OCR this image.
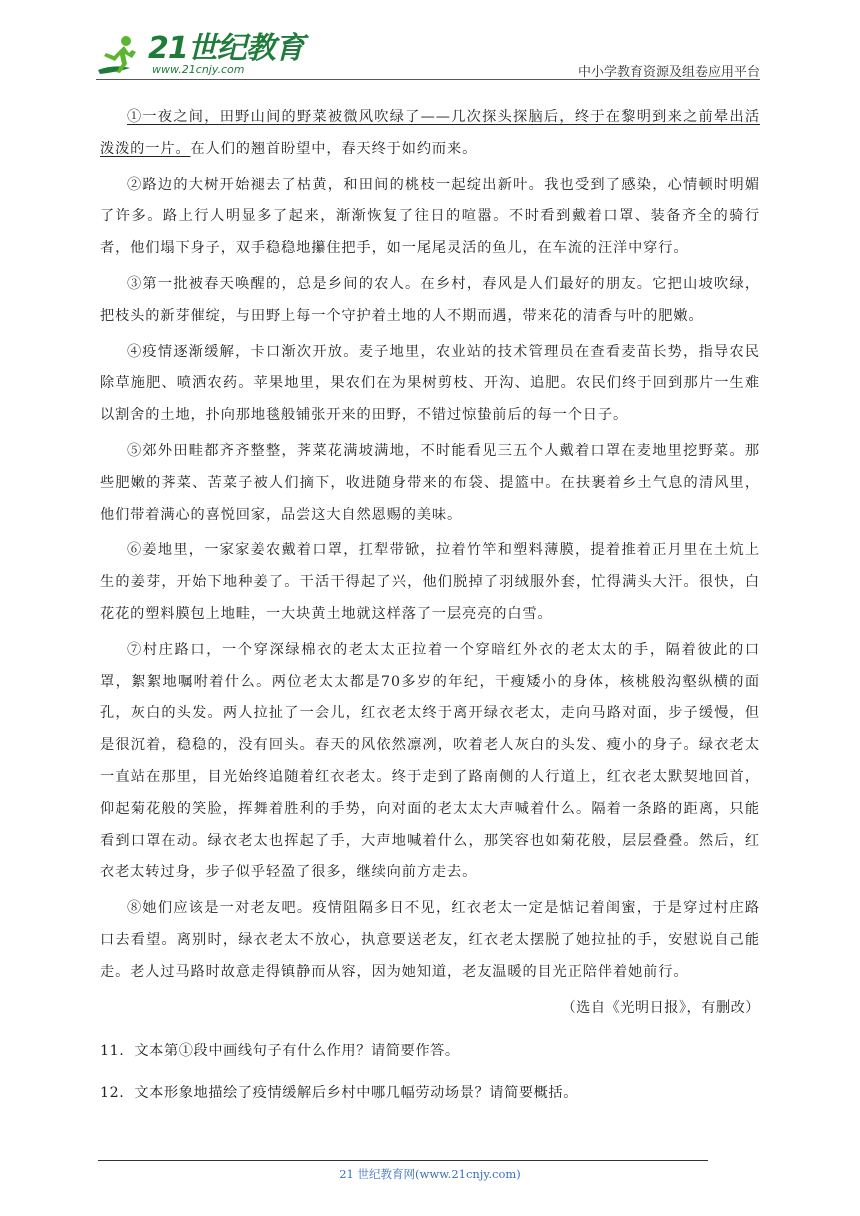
21世纪教育
www.21cnjy.com	中小学教育资源及组卷应用平台

①一夜之间，田野山间的野菜被微风吹绿了——几次探头探脑后，终于在黎明到来之前晕出活泼泼的一片。在人们的翘首盼望中，春天终于如约而来。

②路边的大树开始褪去了枯黄，和田间的桃枝一起绽出新叶。我也受到了感染，心情顿时明媚了许多。路上行人明显多了起来，渐渐恢复了往日的喧嚣。不时看到戴着口罩、装备齐全的骑行者，他们塌下身子，双手稳稳地攥住把手，如一尾尾灵活的鱼儿，在车流的汪洋中穿行。

③第一批被春天唤醒的，总是乡间的农人。在乡村，春风是人们最好的朋友。它把山坡吹绿，把枝头的新芽催绽，与田野上每一个守护着土地的人不期而遇，带来花的清香与叶的肥嫩。

④疫情逐渐缓解，卡口渐次开放。麦子地里，农业站的技术管理员在查看麦苗长势，指导农民除草施肥、喷洒农药。苹果地里，果农们在为果树剪枝、开沟、追肥。农民们终于回到那片一生难以割舍的土地，扑向那地毯般铺张开来的田野，不错过惊蛰前后的每一个日子。

⑤郊外田畦都齐齐整整，荠菜花满坡满地，不时能看见三五个人戴着口罩在麦地里挖野菜。那些肥嫩的荠菜、苦菜子被人们摘下，收进随身带来的布袋、提篮中。在扶裹着乡土气息的清风里，他们带着满心的喜悦回家，品尝这大自然恩赐的美味。

⑥姜地里，一家家姜农戴着口罩，扛犁带锨，拉着竹竿和塑料薄膜，提着推着正月里在土炕上生的姜芽，开始下地种姜了。干活干得起了兴，他们脱掉了羽绒服外套，忙得满头大汗。很快，白花花的塑料膜包上地畦，一大块黄土地就这样落了一层亮亮的白雪。

⑦村庄路口，一个穿深绿棉衣的老太太正拉着一个穿暗红外衣的老太太的手，隔着彼此的口罩，絮絮地嘱咐着什么。两位老太太都是70多岁的年纪，干瘦矮小的身体，核桃般沟壑纵横的面孔，灰白的头发。两人拉扯了一会儿，红衣老太终于离开绿衣老太，走向马路对面，步子缓慢，但是很沉着，稳稳的，没有回头。春天的风依然凛冽，吹着老人灰白的头发、瘦小的身子。绿衣老太一直站在那里，目光始终追随着红衣老太。终于走到了路南侧的人行道上，红衣老太默契地回首，仰起菊花般的笑脸，挥舞着胜利的手势，向对面的老太太大声喊着什么。隔着一条路的距离，只能看到口罩在动。绿衣老太也挥起了手，大声地喊着什么，那笑容也如菊花般，层层叠叠。然后，红衣老太转过身，步子似乎轻盈了很多，继续向前方走去。

⑧她们应该是一对老友吧。疫情阻隔多日不见，红衣老太一定是惦记着闺蜜，于是穿过村庄路口去看望。离别时，绿衣老太不放心，执意要送老友，红衣老太摆脱了她拉扯的手，安慰说自己能走。老人过马路时故意走得镇静而从容，因为她知道，老友温暖的目光正陪伴着她前行。

（选自《光明日报》，有删改）

11. 文本第①段中画线句子有什么作用？请简要作答。

12. 文本形象地描绘了疫情缓解后乡村中哪几幅劳动场景？请简要概括。

21 世纪教育网(www.21cnjy.com)
